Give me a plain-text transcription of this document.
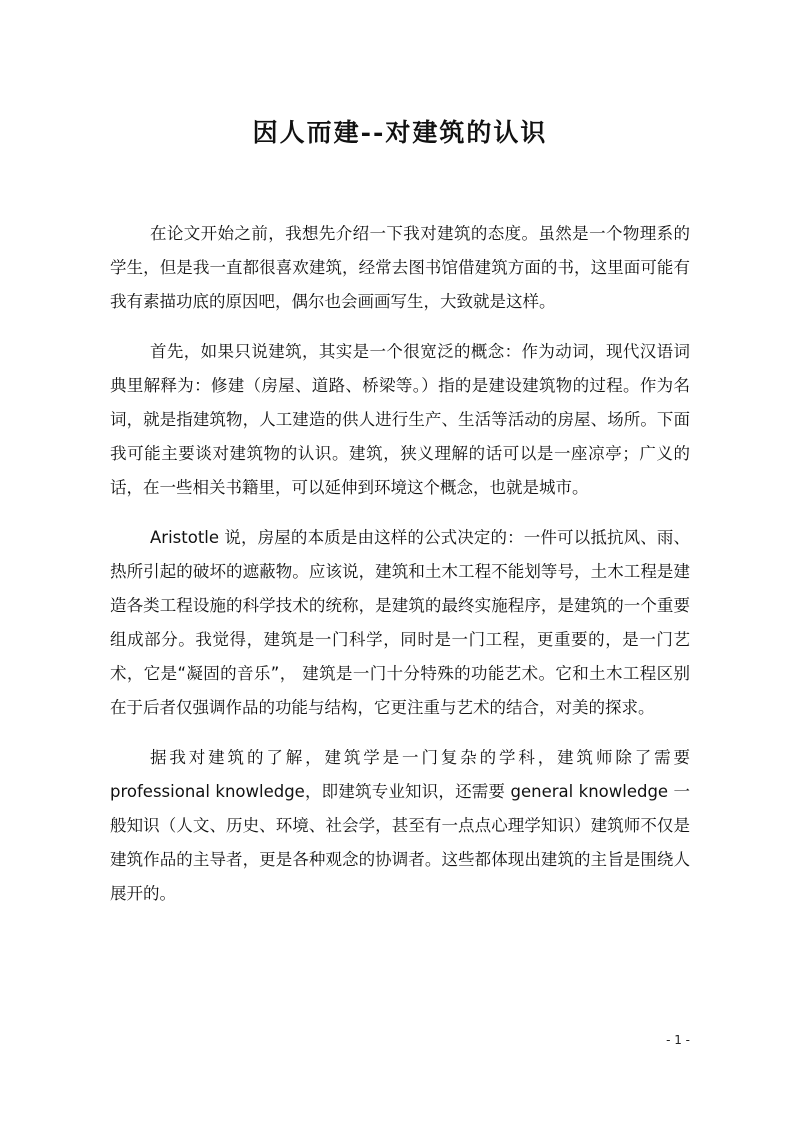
因人而建--对建筑的认识

在论文开始之前，我想先介绍一下我对建筑的态度。虽然是一个物理系的学生，但是我一直都很喜欢建筑，经常去图书馆借建筑方面的书，这里面可能有我有素描功底的原因吧，偶尔也会画画写生，大致就是这样。

首先，如果只说建筑，其实是一个很宽泛的概念：作为动词，现代汉语词典里解释为：修建（房屋、道路、桥梁等。）指的是建设建筑物的过程。作为名词，就是指建筑物，人工建造的供人进行生产、生活等活动的房屋、场所。下面我可能主要谈对建筑物的认识。建筑，狭义理解的话可以是一座凉亭；广义的话，在一些相关书籍里，可以延伸到环境这个概念，也就是城市。

Aristotle 说，房屋的本质是由这样的公式决定的：一件可以抵抗风、雨、热所引起的破坏的遮蔽物。应该说，建筑和土木工程不能划等号，土木工程是建造各类工程设施的科学技术的统称，是建筑的最终实施程序，是建筑的一个重要组成部分。我觉得，建筑是一门科学，同时是一门工程，更重要的，是一门艺术，它是“凝固的音乐”， 建筑是一门十分特殊的功能艺术。它和土木工程区别在于后者仅强调作品的功能与结构，它更注重与艺术的结合，对美的探求。

据我对建筑的了解，建筑学是一门复杂的学科，建筑师除了需要professional knowledge，即建筑专业知识，还需要 general knowledge 一般知识（人文、历史、环境、社会学，甚至有一点点心理学知识）建筑师不仅是建筑作品的主导者，更是各种观念的协调者。这些都体现出建筑的主旨是围绕人展开的。

- 1 -
